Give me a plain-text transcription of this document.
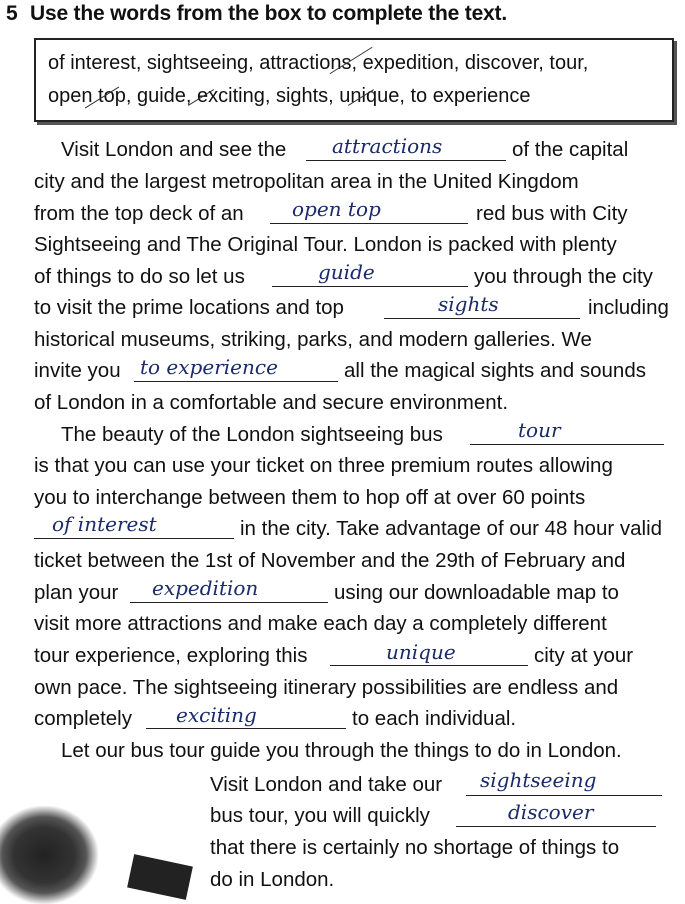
5 Use the words from the box to complete the text.
of interest, sightseeing, attractions, expedition, discover, tour,
open top, guide, exciting, sights, unique, to experience
Visit London and see the attractions	of the capital
city and the largest metropolitan area in the United Kingdom
from the top deck of an open top	red bus with City
Sightseeing and The Original Tour. London is packed with plenty
of things to do so let us	guide	you through the city
to visit the prime locations and top	sights	including
historical museums, striking, parks, and modern galleries. We
invite you to experience	all the magical sights and sounds
of London in a comfortable and secure environment.
The beauty of the London sightseeing bus	tour
is that you can use your ticket on three premium routes allowing
you to interchange between them to hop off at over 60 points
of interest	in the city. Take advantage of our 48 hour valid
ticket between the 1st of November and the 29th of February and
plan your expedition	using our downloadable map to
visit more attractions and make each day a completely different
tour experience, exploring this	unique	city at your
own pace. The sightseeing itinerary possibilities are endless and
completely exciting	to each individual.
Let our bus tour guide you through the things to do in London.
Visit London and take our sightseeing
bus tour, you will quickly	discover
that there is certainly no shortage of things to
do in London.
